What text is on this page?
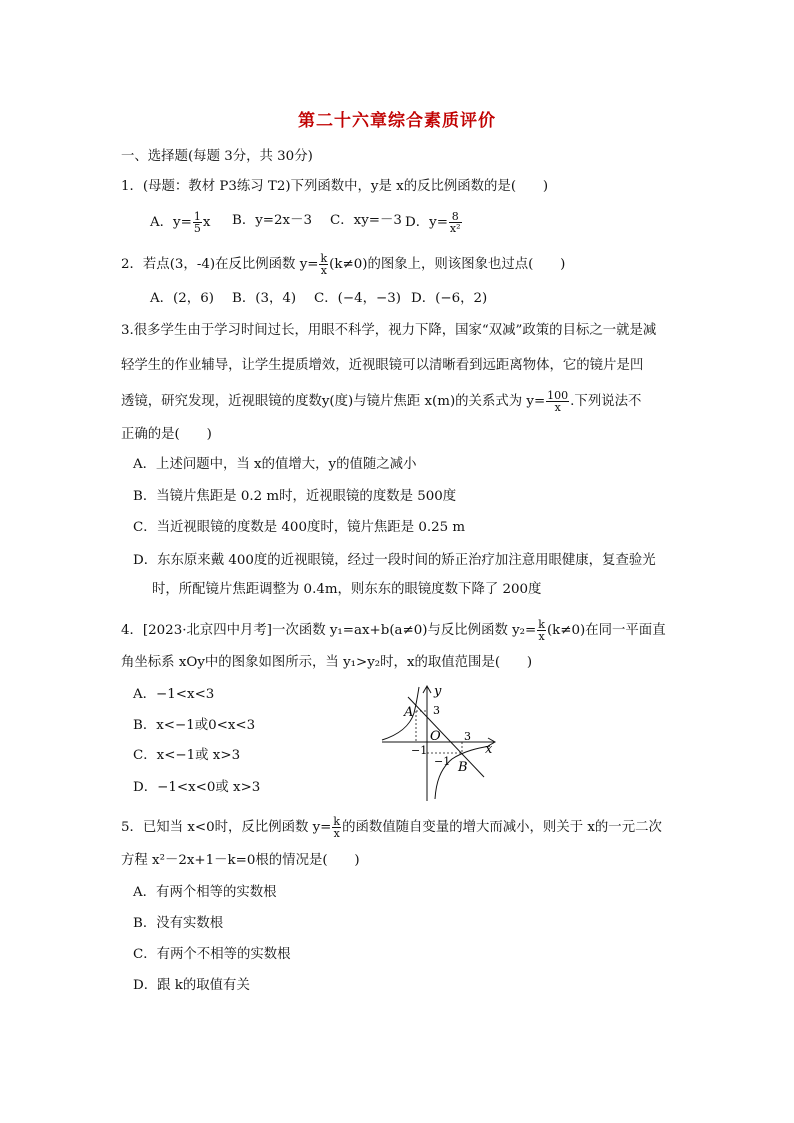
第二十六章综合素质评价
一、选择题(每题 3分，共 30分)
1．(母题：教材 P3练习 T2)下列函数中，y是 x的反比例函数的是(　　)
A．$y= \frac{1}{5}$ x B．y=2x－3 C．xy=－3 D．$y= \frac{8}{\text{x²}}$
2．若点(3，-4)在反比例函数 $y= \frac{k}{x} (k\ne 0)$的图象上，则该图象也过点(　　)
A．(2，6) B．(3，4) C．(−4，−3) D．(−6，2)
3.很多学生由于学习时间过长，用眼不科学，视力下降，国家“双减”政策的目标之一就是减
轻学生的作业辅导，让学生提质增效，近视眼镜可以清晰看到远距离物体，它的镜片是凹
透镜，研究发现，近视眼镜的度数y(度)与镜片焦距 x(m)的关系式为 $y= \frac{100}{x}$ .下列说法不
正确的是(　　)
A．上述问题中，当 x的值增大，y的值随之减小
B．当镜片焦距是 0.2 m时，近视眼镜的度数是 500度
C．当近视眼镜的度数是 400度时，镜片焦距是 0.25 m
D．东东原来戴 400度的近视眼镜，经过一段时间的矫正治疗加注意用眼健康，复查验光
时，所配镜片焦距调整为 0.4m，则东东的眼镜度数下降了 200度
4．[2023·北京四中月考]一次函数 y₁=ax+b(a≠0)与反比例函数 $y_2= \frac{k}{x} (k\ne 0)$在同一平面直
角坐标系 xOy中的图象如图所示，当 y₁>y₂时，x的取值范围是(　　)
A．−1<x<3
B．x<−1或0<x<3
C．x<−1或 x>3
D．−1<x<0或 x>3
y
x
O
A
B
3
−1
3
−1
5．已知当 x<0时，反比例函数 $y= \frac{k}{x}$ 的函数值随自变量的增大而减小，则关于 x的一元二次
方程 x²－2x+1－k=0根的情况是(　　)
A．有两个相等的实数根
B．没有实数根
C．有两个不相等的实数根
D．跟 k的取值有关
